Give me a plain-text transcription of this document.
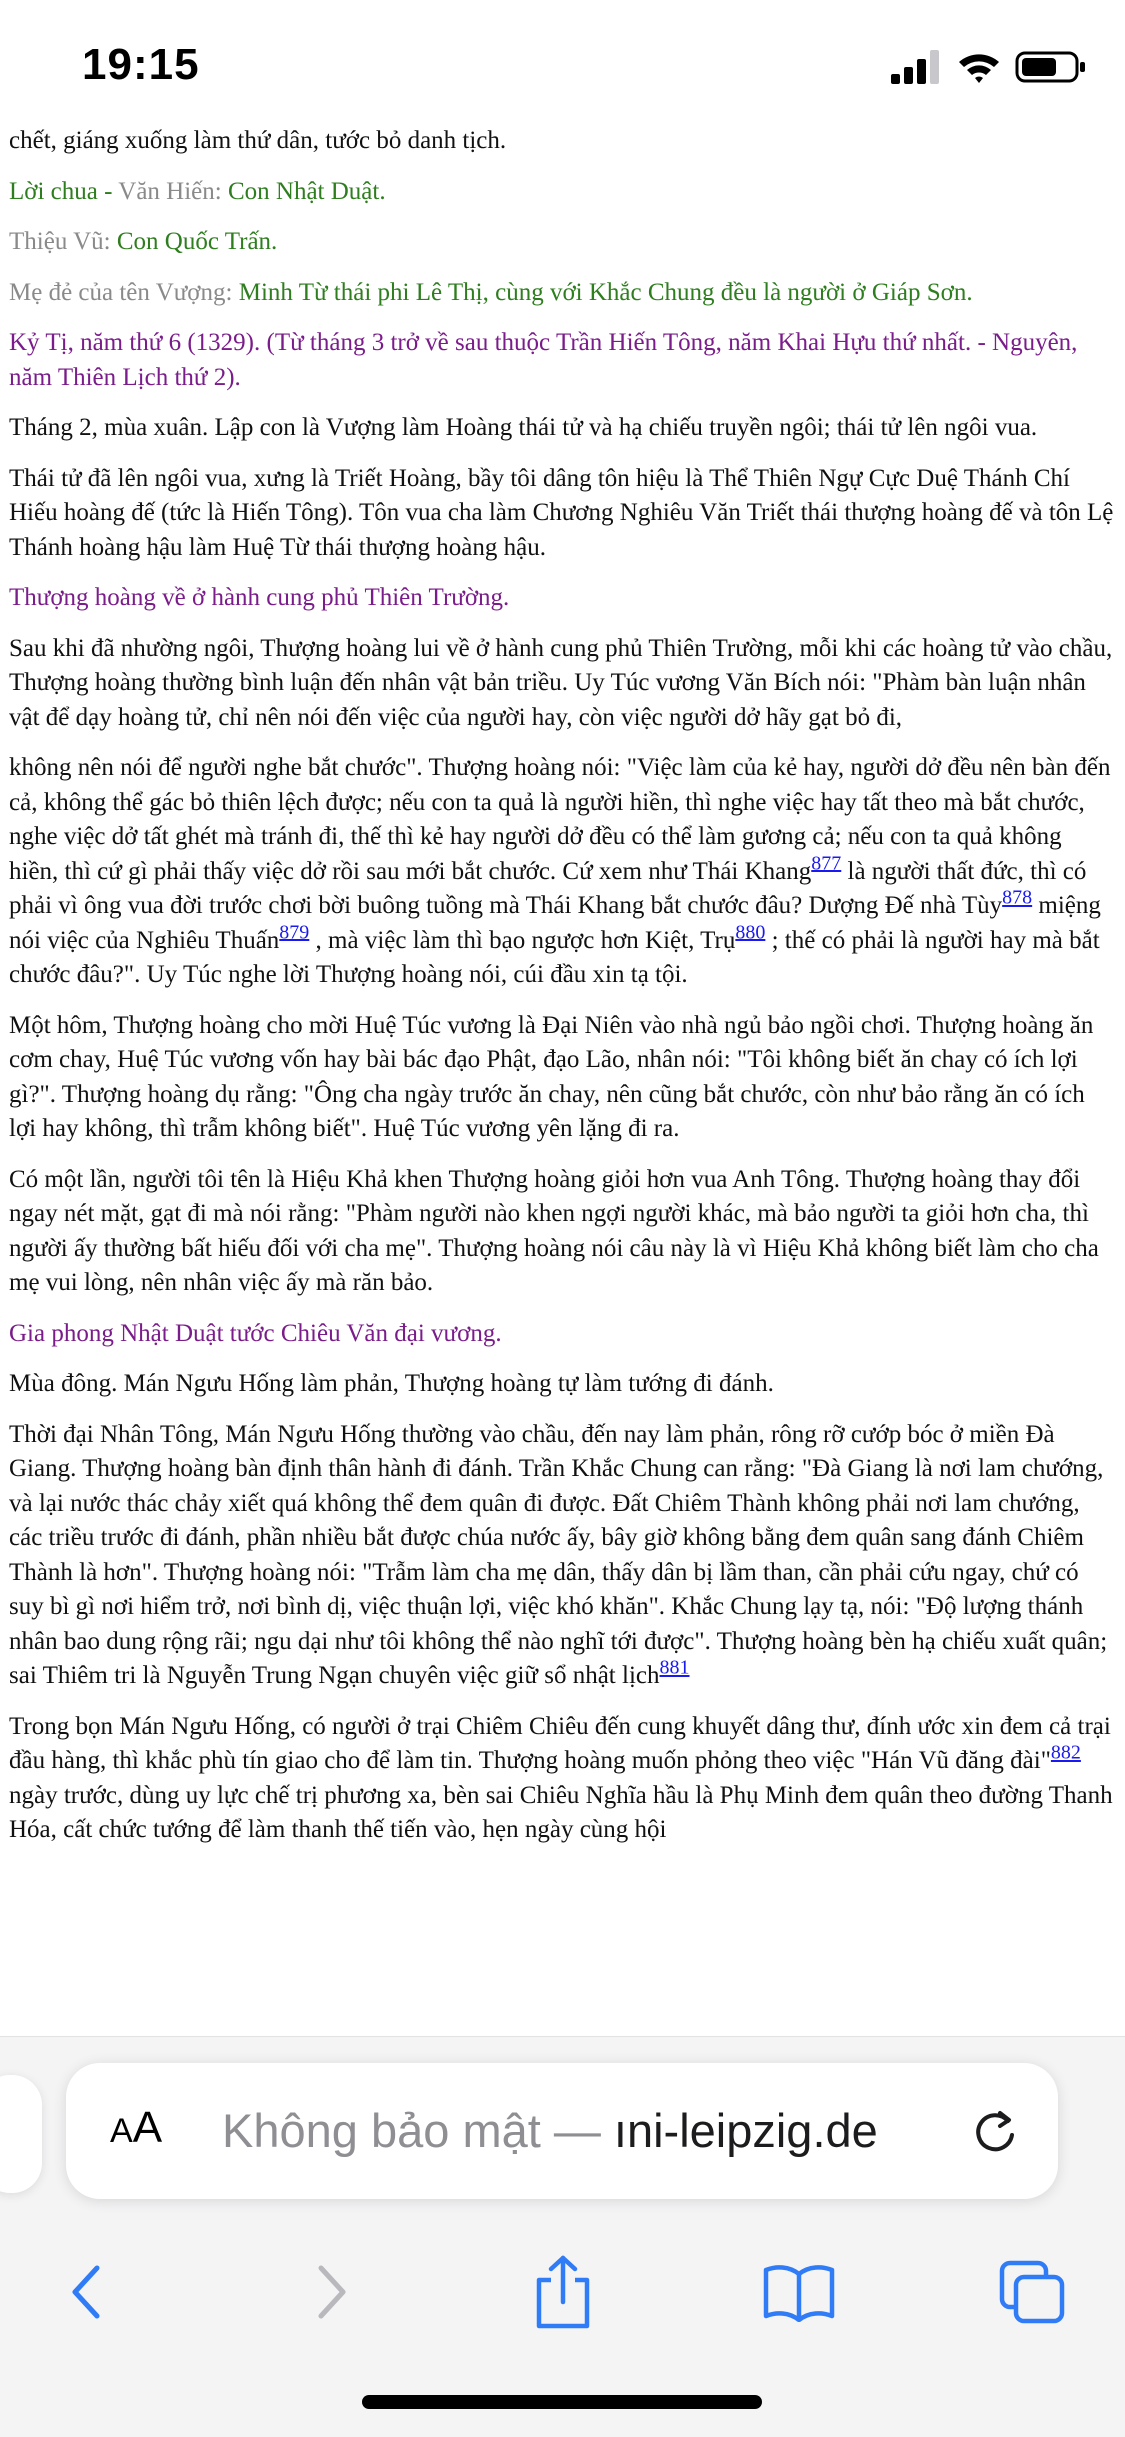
19:15

chết, giáng xuống làm thứ dân, tước bỏ danh tịch.

Lời chua - Văn Hiến: Con Nhật Duật.

Thiệu Vũ: Con Quốc Trấn.

Mẹ đẻ của tên Vượng: Minh Từ thái phi Lê Thị, cùng với Khắc Chung đều là người ở Giáp Sơn.

Kỷ Tị, năm thứ 6 (1329). (Từ tháng 3 trở về sau thuộc Trần Hiến Tông, năm Khai Hựu thứ nhất. - Nguyên, năm Thiên Lịch thứ 2).

Tháng 2, mùa xuân. Lập con là Vượng làm Hoàng thái tử và hạ chiếu truyền ngôi; thái tử lên ngôi vua.

Thái tử đã lên ngôi vua, xưng là Triết Hoàng, bầy tôi dâng tôn hiệu là Thể Thiên Ngự Cực Duệ Thánh Chí Hiếu hoàng đế (tức là Hiến Tông). Tôn vua cha làm Chương Nghiêu Văn Triết thái thượng hoàng đế và tôn Lệ Thánh hoàng hậu làm Huệ Từ thái thượng hoàng hậu.

Thượng hoàng về ở hành cung phủ Thiên Trường.

Sau khi đã nhường ngôi, Thượng hoàng lui về ở hành cung phủ Thiên Trường, mỗi khi các hoàng tử vào chầu, Thượng hoàng thường bình luận đến nhân vật bản triều. Uy Túc vương Văn Bích nói: "Phàm bàn luận nhân vật để dạy hoàng tử, chỉ nên nói đến việc của người hay, còn việc người dở hãy gạt bỏ đi,

không nên nói để người nghe bắt chước". Thượng hoàng nói: "Việc làm của kẻ hay, người dở đều nên bàn đến cả, không thể gác bỏ thiên lệch được; nếu con ta quả là người hiền, thì nghe việc hay tất theo mà bắt chước, nghe việc dở tất ghét mà tránh đi, thế thì kẻ hay người dở đều có thể làm gương cả; nếu con ta quả không hiền, thì cứ gì phải thấy việc dở rồi sau mới bắt chước. Cứ xem như Thái Khang$^{877}$ là người thất đức, thì có phải vì ông vua đời trước chơi bời buông tuồng mà Thái Khang bắt chước đâu? Dượng Đế nhà Tùy$^{878}$ miệng nói việc của Nghiêu Thuấn$^{879}$ , mà việc làm thì bạo ngược hơn Kiệt, Trụ$^{880}$ ; thế có phải là người hay mà bắt chước đâu?". Uy Túc nghe lời Thượng hoàng nói, cúi đầu xin tạ tội.

Một hôm, Thượng hoàng cho mời Huệ Túc vương là Đại Niên vào nhà ngủ bảo ngồi chơi. Thượng hoàng ăn cơm chay, Huệ Túc vương vốn hay bài bác đạo Phật, đạo Lão, nhân nói: "Tôi không biết ăn chay có ích lợi gì?". Thượng hoàng dụ rằng: "Ông cha ngày trước ăn chay, nên cũng bắt chước, còn như bảo rằng ăn có ích lợi hay không, thì trẫm không biết". Huệ Túc vương yên lặng đi ra.

Có một lần, người tôi tên là Hiệu Khả khen Thượng hoàng giỏi hơn vua Anh Tông. Thượng hoàng thay đổi ngay nét mặt, gạt đi mà nói rằng: "Phàm người nào khen ngợi người khác, mà bảo người ta giỏi hơn cha, thì người ấy thường bất hiếu đối với cha mẹ". Thượng hoàng nói câu này là vì Hiệu Khả không biết làm cho cha mẹ vui lòng, nên nhân việc ấy mà răn bảo.

Gia phong Nhật Duật tước Chiêu Văn đại vương.

Mùa đông. Mán Ngưu Hống làm phản, Thượng hoàng tự làm tướng đi đánh.

Thời đại Nhân Tông, Mán Ngưu Hống thường vào chầu, đến nay làm phản, rông rỡ cướp bóc ở miền Đà Giang. Thượng hoàng bàn định thân hành đi đánh. Trần Khắc Chung can rằng: "Đà Giang là nơi lam chướng, và lại nước thác chảy xiết quá không thể đem quân đi được. Đất Chiêm Thành không phải nơi lam chướng, các triều trước đi đánh, phần nhiều bắt được chúa nước ấy, bây giờ không bằng đem quân sang đánh Chiêm Thành là hơn". Thượng hoàng nói: "Trẫm làm cha mẹ dân, thấy dân bị lầm than, cần phải cứu ngay, chứ có suy bì gì nơi hiểm trở, nơi bình dị, việc thuận lợi, việc khó khăn". Khắc Chung lạy tạ, nói: "Độ lượng thánh nhân bao dung rộng rãi; ngu dại như tôi không thể nào nghĩ tới được". Thượng hoàng bèn hạ chiếu xuất quân; sai Thiêm tri là Nguyễn Trung Ngạn chuyên việc giữ sổ nhật lịch$^{881}$

Trong bọn Mán Ngưu Hống, có người ở trại Chiêm Chiêu đến cung khuyết dâng thư, đính ước xin đem cả trại đầu hàng, thì khắc phù tín giao cho để làm tin. Thượng hoàng muốn phỏng theo việc "Hán Vũ đăng đài"$^{882}$ ngày trước, dùng uy lực chế trị phương xa, bèn sai Chiêu Nghĩa hầu là Phụ Minh đem quân theo đường Thanh Hóa, cất chức tướng để làm thanh thế tiến vào, hẹn ngày cùng hội

AA Không bảo mật — ıni-leipzig.de
